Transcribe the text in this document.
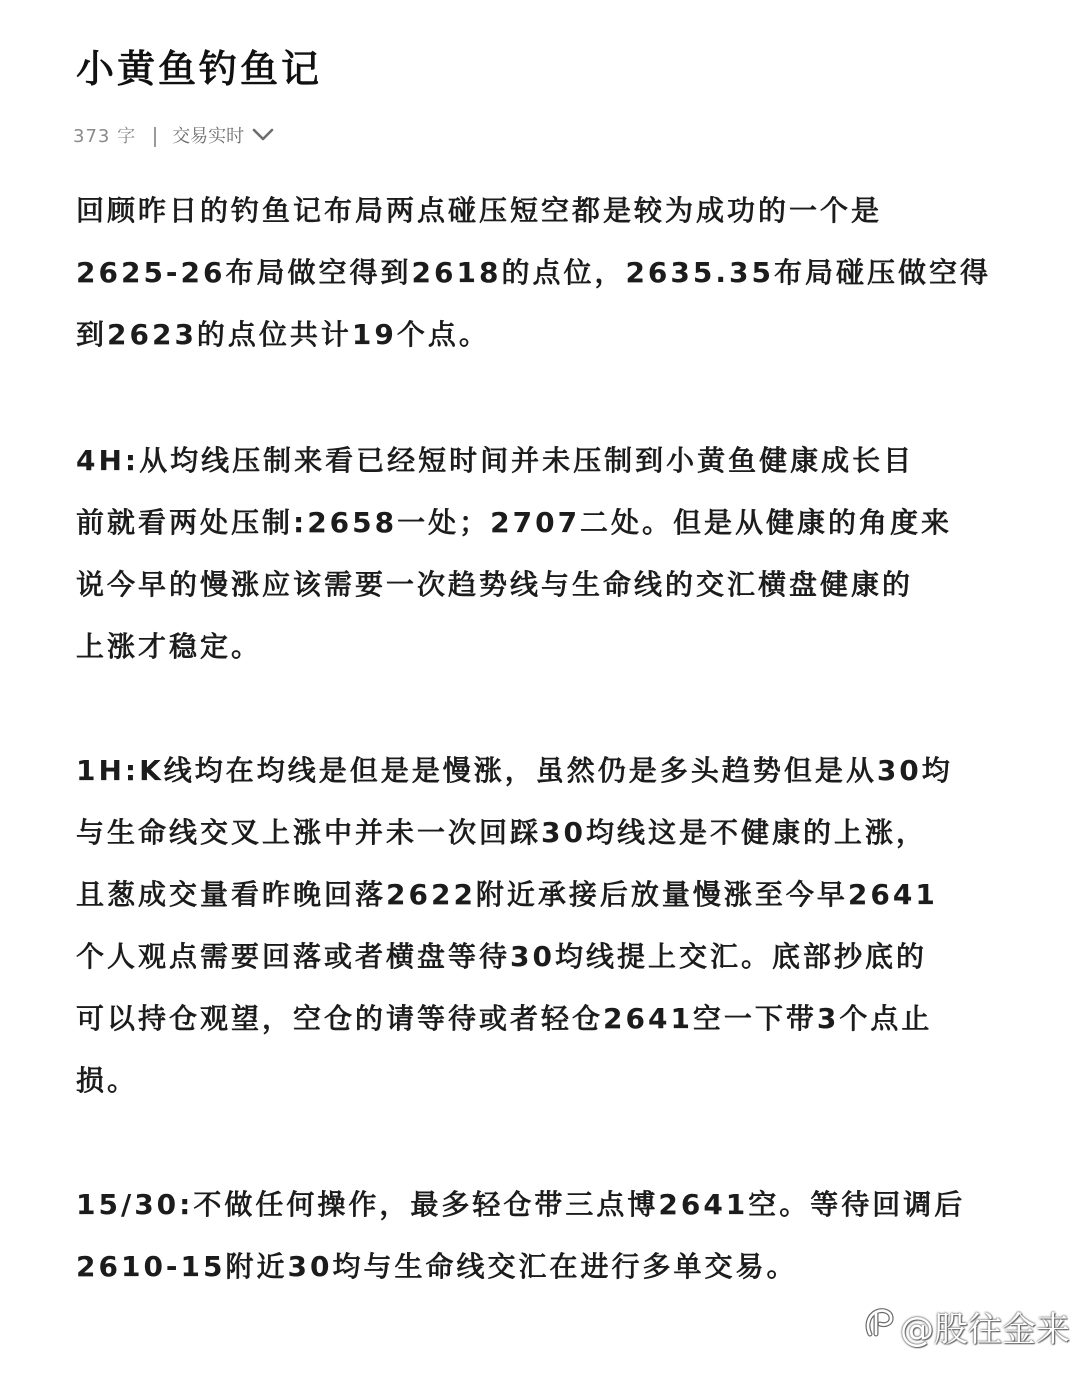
小黄鱼钓鱼记
373 字 交易实时
回顾昨日的钓鱼记布局两点碰压短空都是较为成功的一个是
2625-26布局做空得到2618的点位，2635.35布局碰压做空得
到2623的点位共计19个点。
4H:从均线压制来看已经短时间并未压制到小黄鱼健康成长目
前就看两处压制:2658一处；2707二处。但是从健康的角度来
说今早的慢涨应该需要一次趋势线与生命线的交汇横盘健康的
上涨才稳定。
1H:K线均在均线是但是是慢涨，虽然仍是多头趋势但是从30均
与生命线交叉上涨中并未一次回踩30均线这是不健康的上涨，
且葱成交量看昨晚回落2622附近承接后放量慢涨至今早2641
个人观点需要回落或者横盘等待30均线提上交汇。底部抄底的
可以持仓观望，空仓的请等待或者轻仓2641空一下带3个点止
损。
15/30:不做任何操作，最多轻仓带三点博2641空。等待回调后
2610-15附近30均与生命线交汇在进行多单交易。
@股往金来
